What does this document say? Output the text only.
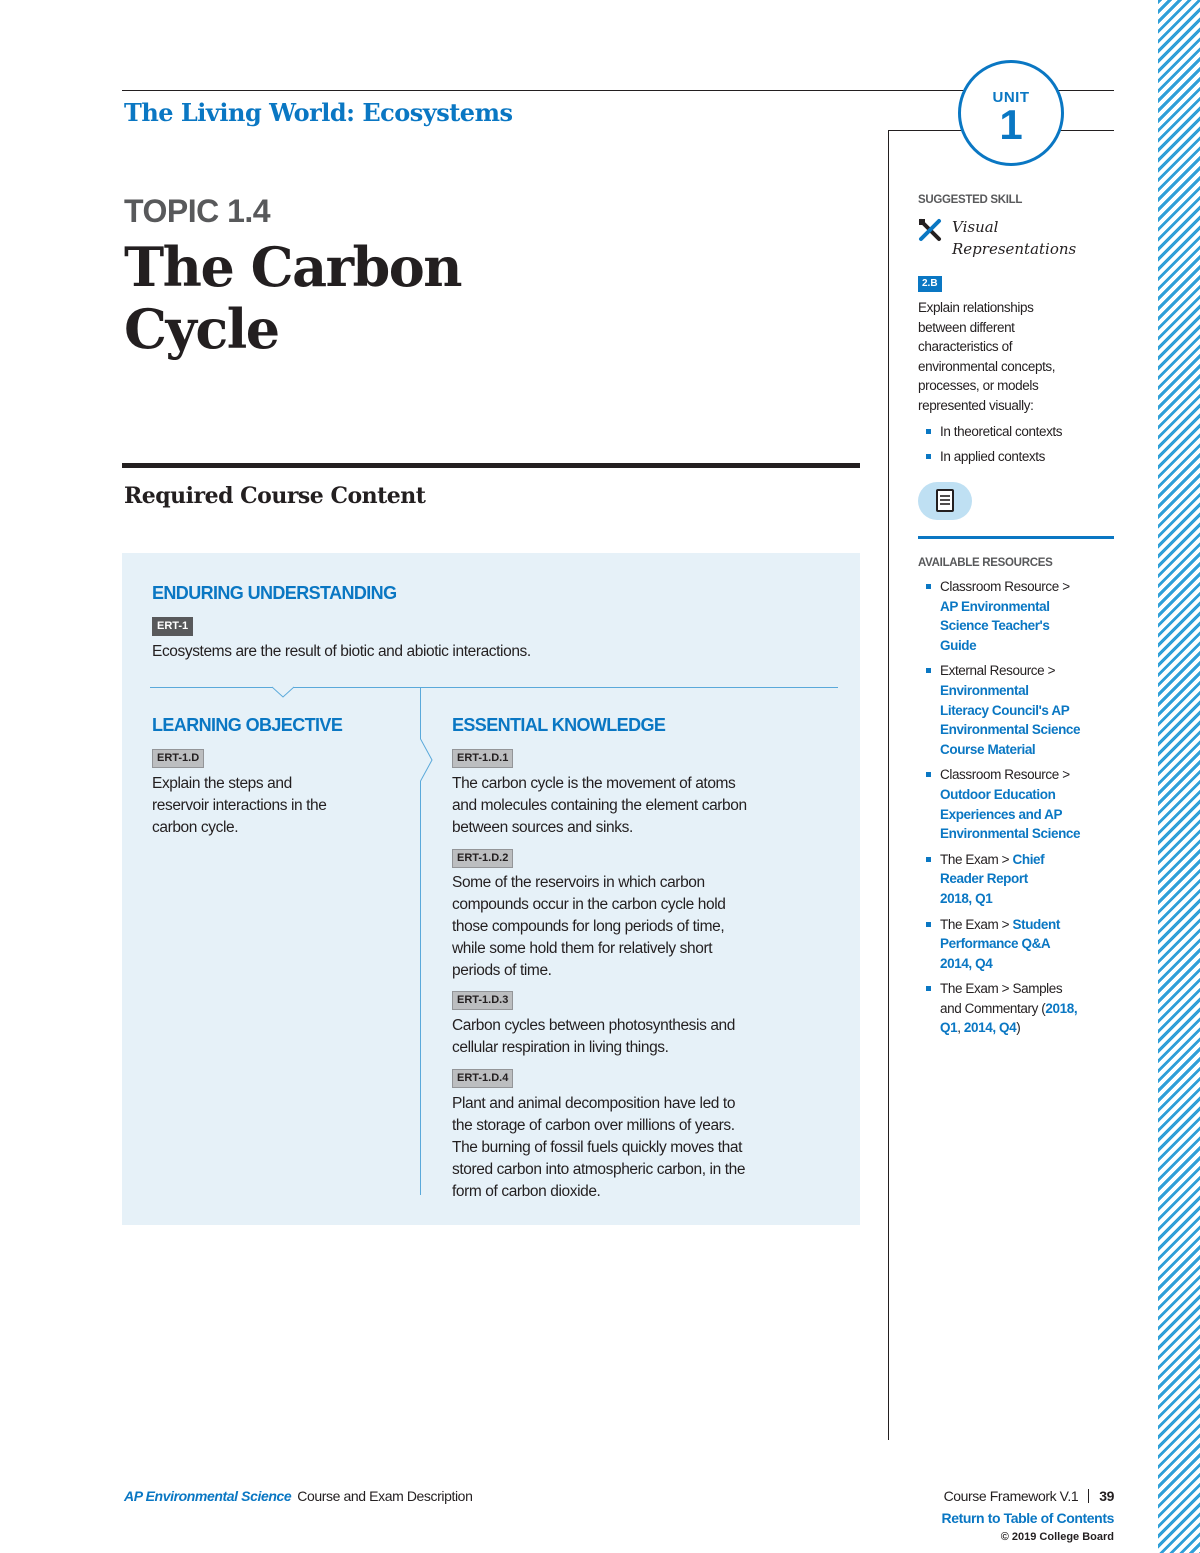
The Living World: Ecosystems
UNIT
1
TOPIC 1.4
The Carbon
Cycle
Required Course Content
ENDURING UNDERSTANDING
ERT-1
Ecosystems are the result of biotic and abiotic interactions.
LEARNING OBJECTIVE
ERT-1.D
Explain the steps and
reservoir interactions in the
carbon cycle.
ESSENTIAL KNOWLEDGE
ERT-1.D.1
The carbon cycle is the movement of atoms
and molecules containing the element carbon
between sources and sinks.
ERT-1.D.2
Some of the reservoirs in which carbon
compounds occur in the carbon cycle hold
those compounds for long periods of time,
while some hold them for relatively short
periods of time.
ERT-1.D.3
Carbon cycles between photosynthesis and
cellular respiration in living things.
ERT-1.D.4
Plant and animal decomposition have led to
the storage of carbon over millions of years.
The burning of fossil fuels quickly moves that
stored carbon into atmospheric carbon, in the
form of carbon dioxide.
SUGGESTED SKILL
Visual
Representations
2.B
Explain relationships
between different
characteristics of
environmental concepts,
processes, or models
represented visually:
In theoretical contexts
In applied contexts
AVAILABLE RESOURCES
Classroom Resource >
AP Environmental
Science Teacher's
Guide
External Resource >
Environmental
Literacy Council's AP
Environmental Science
Course Material
Classroom Resource >
Outdoor Education
Experiences and AP
Environmental Science
The Exam > Chief
Reader Report
2018, Q1
The Exam > Student
Performance Q&A
2014, Q4
The Exam > Samples
and Commentary (2018,
Q1, 2014, Q4)
AP Environmental Science Course and Exam Description	Course Framework V.1 39
Return to Table of Contents
© 2019 College Board
